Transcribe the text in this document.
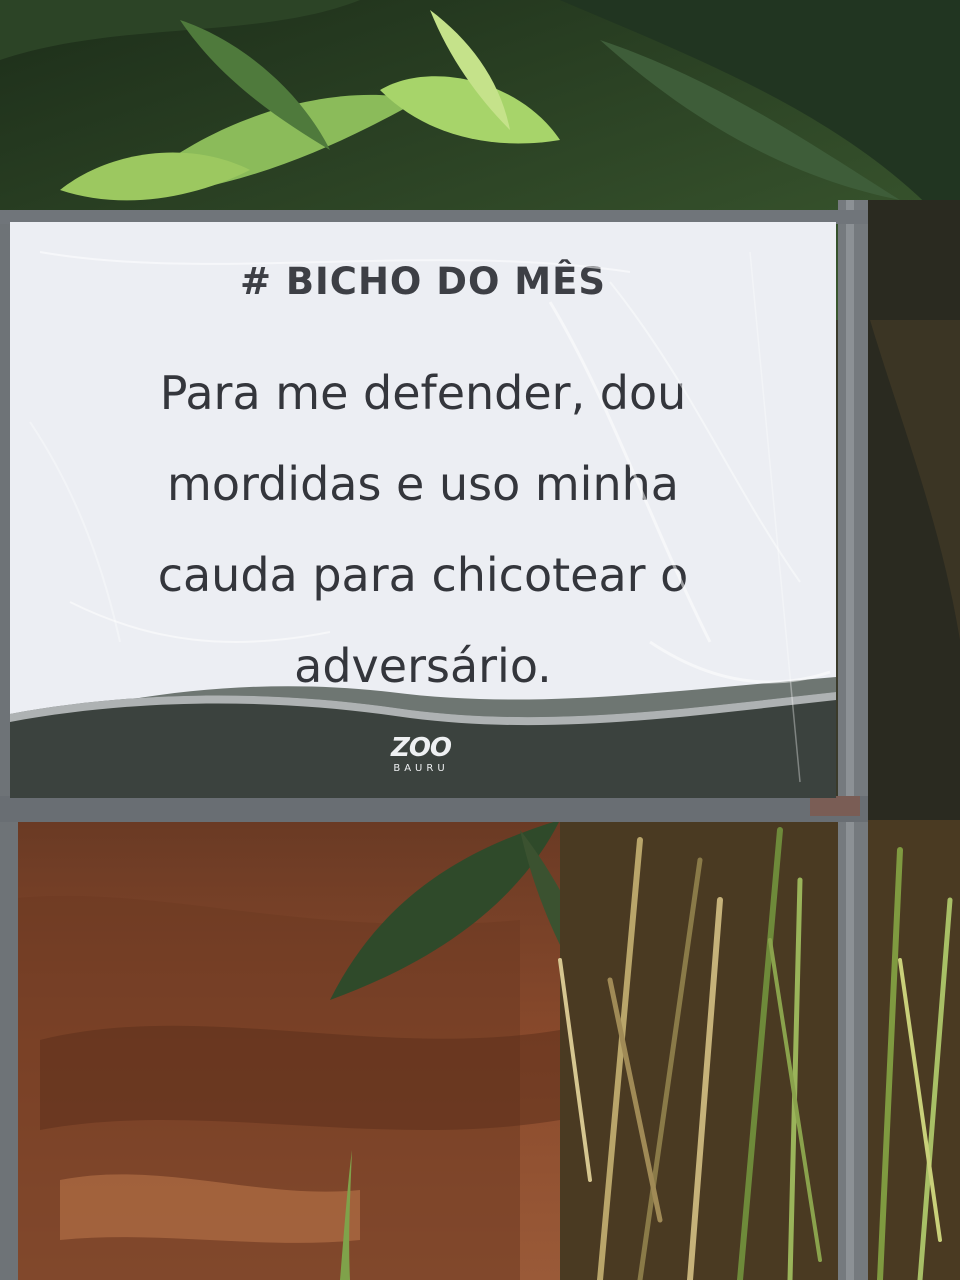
# BICHO DO MÊS
Para me defender, dou
mordidas e uso minha
cauda para chicotear o
adversário.
ZOO
BAURU
